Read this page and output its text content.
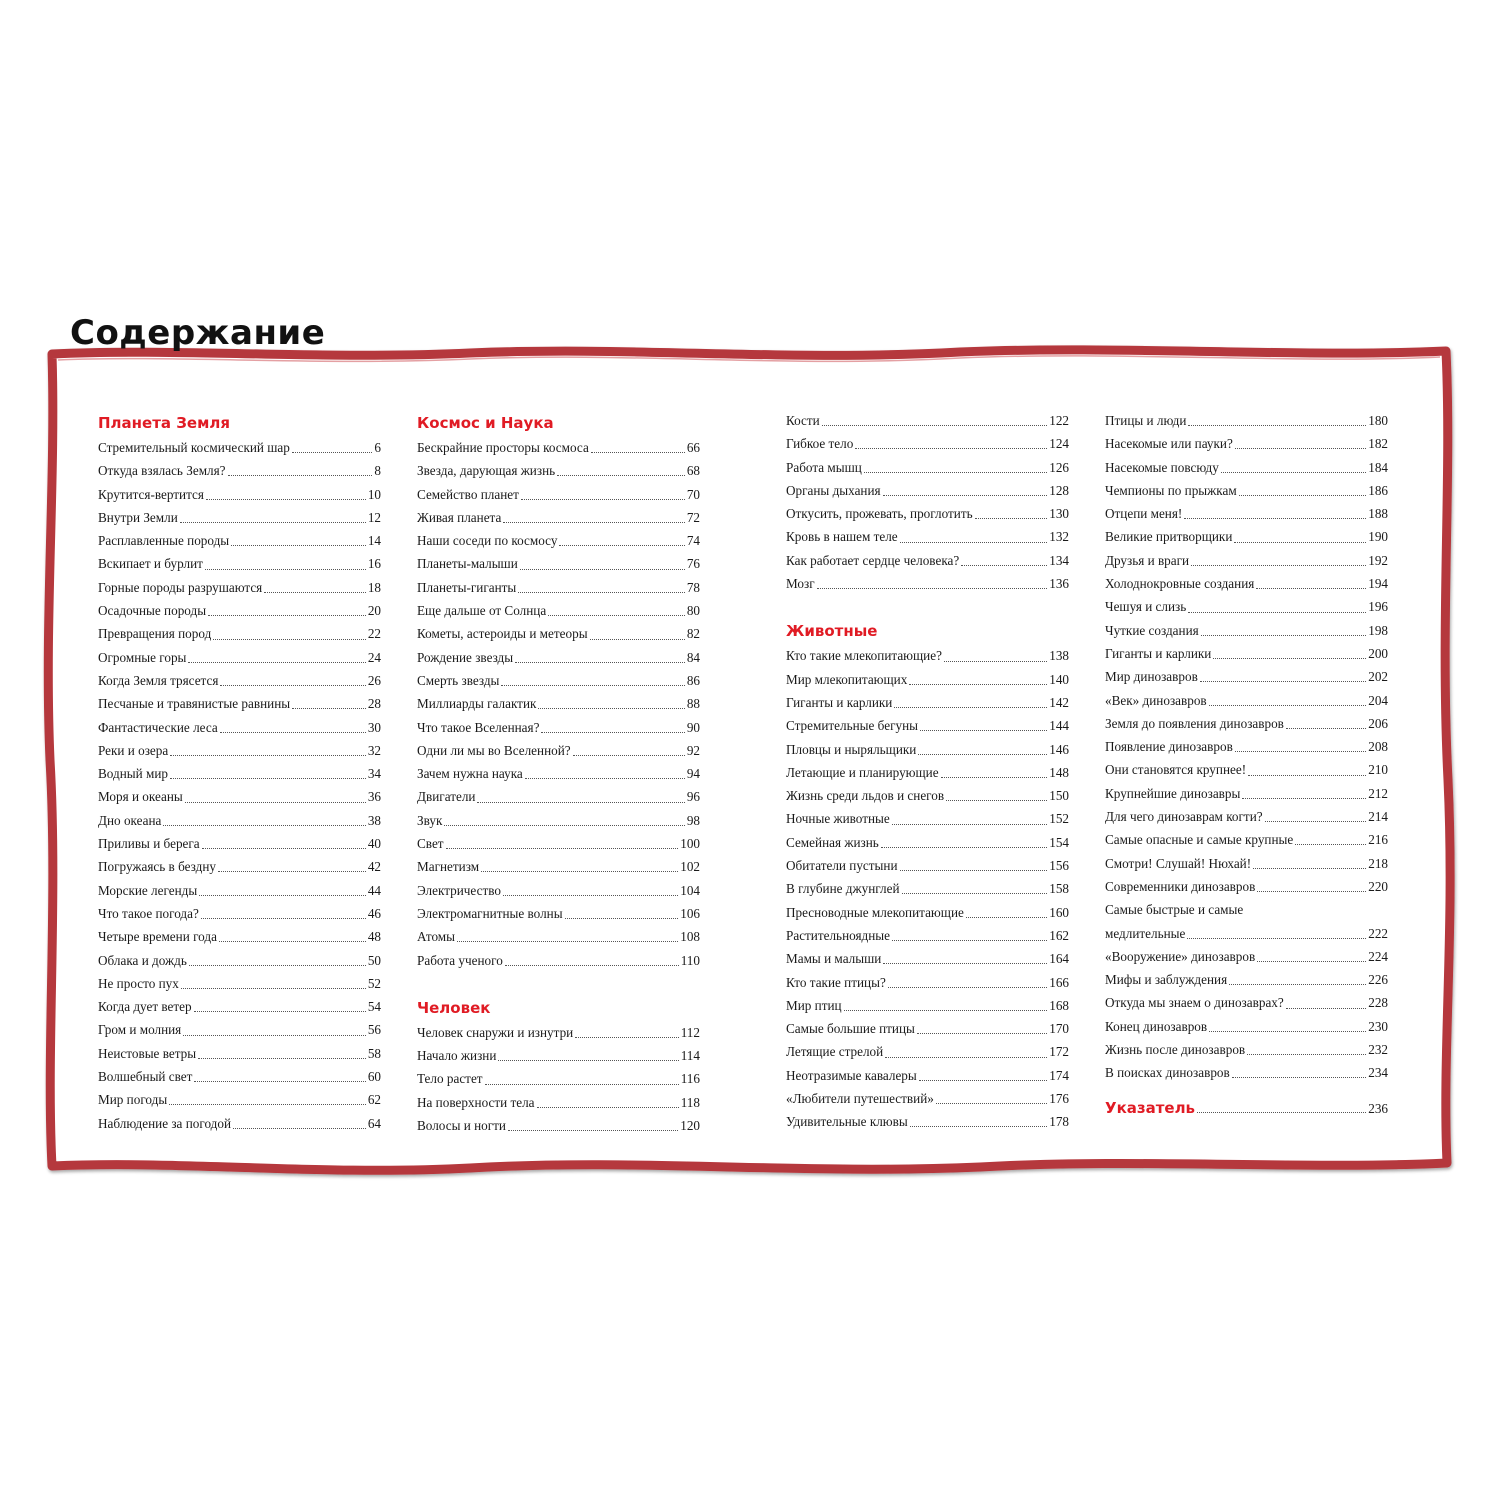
Содержание
Планета Земля
Стремительный космический шар	6
Откуда взялась Земля?	8
Крутится-вертится	10
Внутри Земли	12
Расплавленные породы	14
Вскипает и бурлит	16
Горные породы разрушаются	18
Осадочные породы	20
Превращения пород	22
Огромные горы	24
Когда Земля трясется	26
Песчаные и травянистые равнины	28
Фантастические леса	30
Реки и озера	32
Водный мир	34
Моря и океаны	36
Дно океана	38
Приливы и берега	40
Погружаясь в бездну	42
Морские легенды	44
Что такое погода?	46
Четыре времени года	48
Облака и дождь	50
Не просто пух	52
Когда дует ветер	54
Гром и молния	56
Неистовые ветры	58
Волшебный свет	60
Мир погоды	62
Наблюдение за погодой	64
Космос и Наука
Бескрайние просторы космоса	66
Звезда, дарующая жизнь	68
Семейство планет	70
Живая планета	72
Наши соседи по космосу	74
Планеты-малыши	76
Планеты-гиганты	78
Еще дальше от Солнца	80
Кометы, астероиды и метеоры	82
Рождение звезды	84
Смерть звезды	86
Миллиарды галактик	88
Что такое Вселенная?	90
Одни ли мы во Вселенной?	92
Зачем нужна наука	94
Двигатели	96
Звук	98
Свет	100
Магнетизм	102
Электричество	104
Электромагнитные волны	106
Атомы	108
Работа ученого	110
Человек
Человек снаружи и изнутри	112
Начало жизни	114
Тело растет	116
На поверхности тела	118
Волосы и ногти	120
Кости	122
Гибкое тело	124
Работа мышц	126
Органы дыхания	128
Откусить, прожевать, проглотить	130
Кровь в нашем теле	132
Как работает сердце человека?	134
Мозг	136
Животные
Кто такие млекопитающие?	138
Мир млекопитающих	140
Гиганты и карлики	142
Стремительные бегуны	144
Пловцы и ныряльщики	146
Летающие и планирующие	148
Жизнь среди льдов и снегов	150
Ночные животные	152
Семейная жизнь	154
Обитатели пустыни	156
В глубине джунглей	158
Пресноводные млекопитающие	160
Растительноядные	162
Мамы и малыши	164
Кто такие птицы?	166
Мир птиц	168
Самые большие птицы	170
Летящие стрелой	172
Неотразимые кавалеры	174
«Любители путешествий»	176
Удивительные клювы	178
Птицы и люди	180
Насекомые или пауки?	182
Насекомые повсюду	184
Чемпионы по прыжкам	186
Отцепи меня!	188
Великие притворщики	190
Друзья и враги	192
Холоднокровные создания	194
Чешуя и слизь	196
Чуткие создания	198
Гиганты и карлики	200
Мир динозавров	202
«Век» динозавров	204
Земля до появления динозавров	206
Появление динозавров	208
Они становятся крупнее!	210
Крупнейшие динозавры	212
Для чего динозаврам когти?	214
Самые опасные и самые крупные	216
Смотри! Слушай! Нюхай!	218
Современники динозавров	220
Самые быстрые и самые
медлительные	222
«Вооружение» динозавров	224
Мифы и заблуждения	226
Откуда мы знаем о динозаврах?	228
Конец динозавров	230
Жизнь после динозавров	232
В поисках динозавров	234
Указатель	236
